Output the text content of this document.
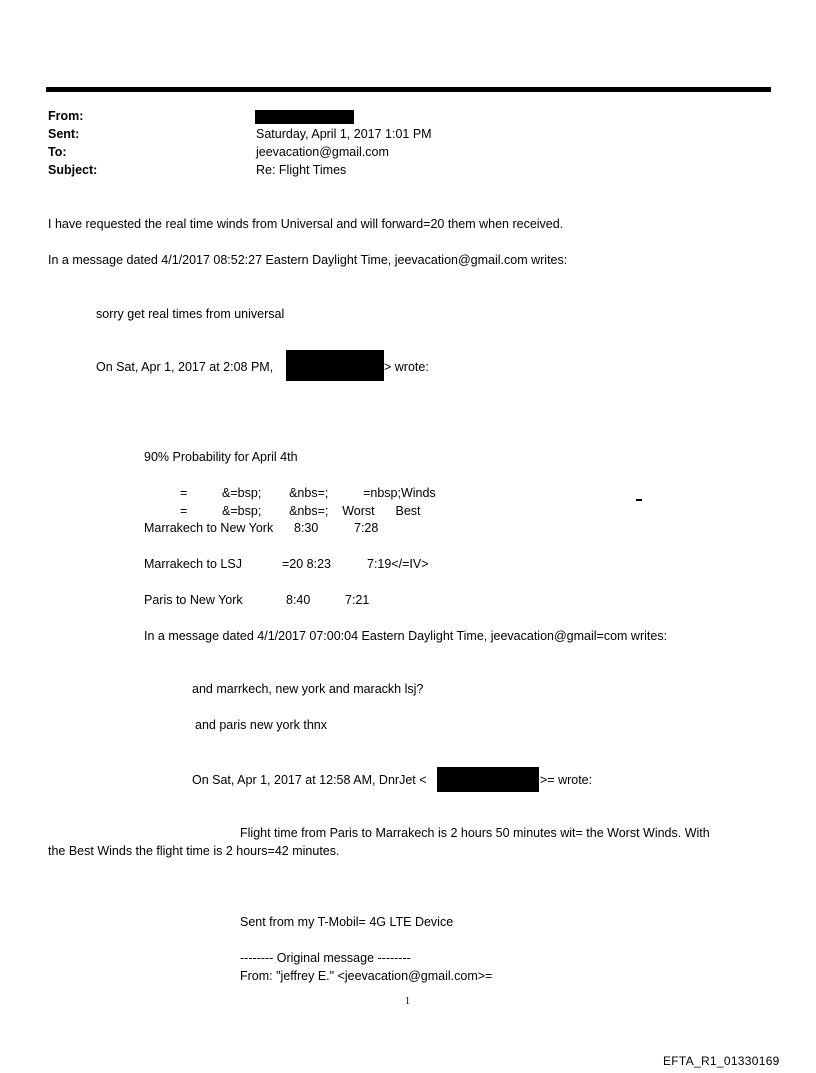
From:
Sent:	Saturday, April 1, 2017 1:01 PM
To:	jeevacation@gmail.com
Subject:	Re: Flight Times
I have requested the real time winds from Universal and will forward=20 them when received.
In a message dated 4/1/2017 08:52:27 Eastern Daylight Time, jeevacation@gmail.com writes:
sorry get real times from universal
On Sat, Apr 1, 2017 at 2:08 PM,	> wrote:
90% Probability for April 4th
=          &=bsp;        &nbs=;          =nbsp;Winds
=          &=bsp;        &nbs=;    Worst      Best
Marrakech to New York 8:30	7:28
Marrakech to LSJ	=20 8:23	7:19</=IV>
Paris to New York	8:40	7:21
In a message dated 4/1/2017 07:00:04 Eastern Daylight Time, jeevacation@gmail=com writes:
and marrkech, new york and marackh lsj?
and paris new york thnx
On Sat, Apr 1, 2017 at 12:58 AM, DnrJet <	>= wrote:
Flight time from Paris to Marrakech is 2 hours 50 minutes wit= the Worst Winds. With
the Best Winds the flight time is 2 hours=42 minutes.
Sent from my T-Mobil= 4G LTE Device
-------- Original message --------
From: "jeffrey E." <jeevacation@gmail.com>=
1
EFTA_R1_01330169
